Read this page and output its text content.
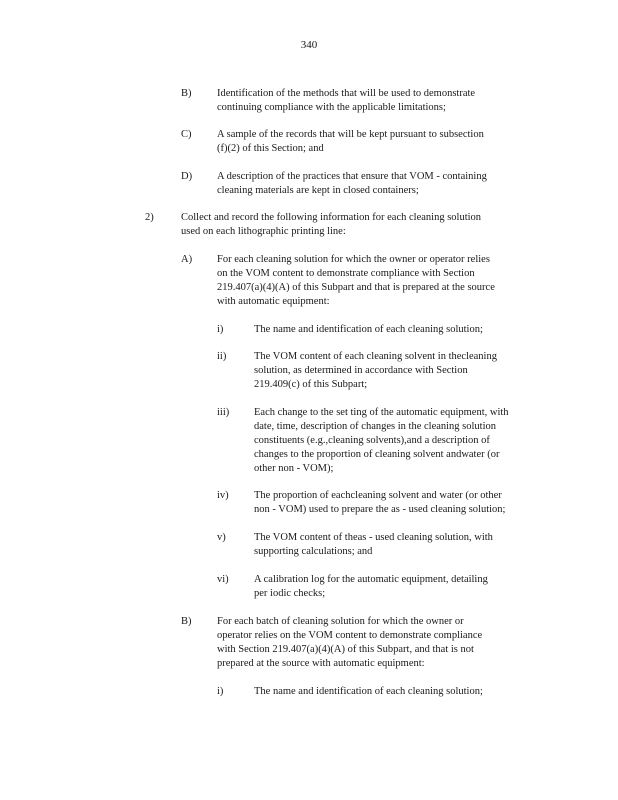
340
B) Identification of the methods that will be used to demonstrate
continuing compliance with the applicable limitations;
C) A sample of the records that will be kept pursuant to subsection
(f)(2) of this Section; and
D) A description of the practices that ensure that VOM - containing
cleaning materials are kept in closed containers;
2)	Collect and record the following information for each cleaning solution
used on each lithographic printing line:
A) For each cleaning solution for which the owner or operator relies
on the VOM content to demonstrate compliance with Section
219.407(a)(4)(A) of this Subpart and that is prepared at the source
with automatic equipment:
i)	The name and identification of each cleaning solution;
ii)	The VOM content of each cleaning solvent in thecleaning
solution, as determined in accordance with Section
219.409(c) of this Subpart;
iii) Each change to the set ting of the automatic equipment, with
date, time, description of changes in the cleaning solution
constituents (e.g.,cleaning solvents),and a description of
changes to the proportion of cleaning solvent andwater (or
other non - VOM);
iv) The proportion of eachcleaning solvent and water (or other
non - VOM) used to prepare the as - used cleaning solution;
v)	The VOM content of theas - used cleaning solution, with
supporting calculations; and
vi) A calibration log for the automatic equipment, detailing
per iodic checks;
B) For each batch of cleaning solution for which the owner or
operator relies on the VOM content to demonstrate compliance
with Section 219.407(a)(4)(A) of this Subpart, and that is not
prepared at the source with automatic equipment:
i)	The name and identification of each cleaning solution;
